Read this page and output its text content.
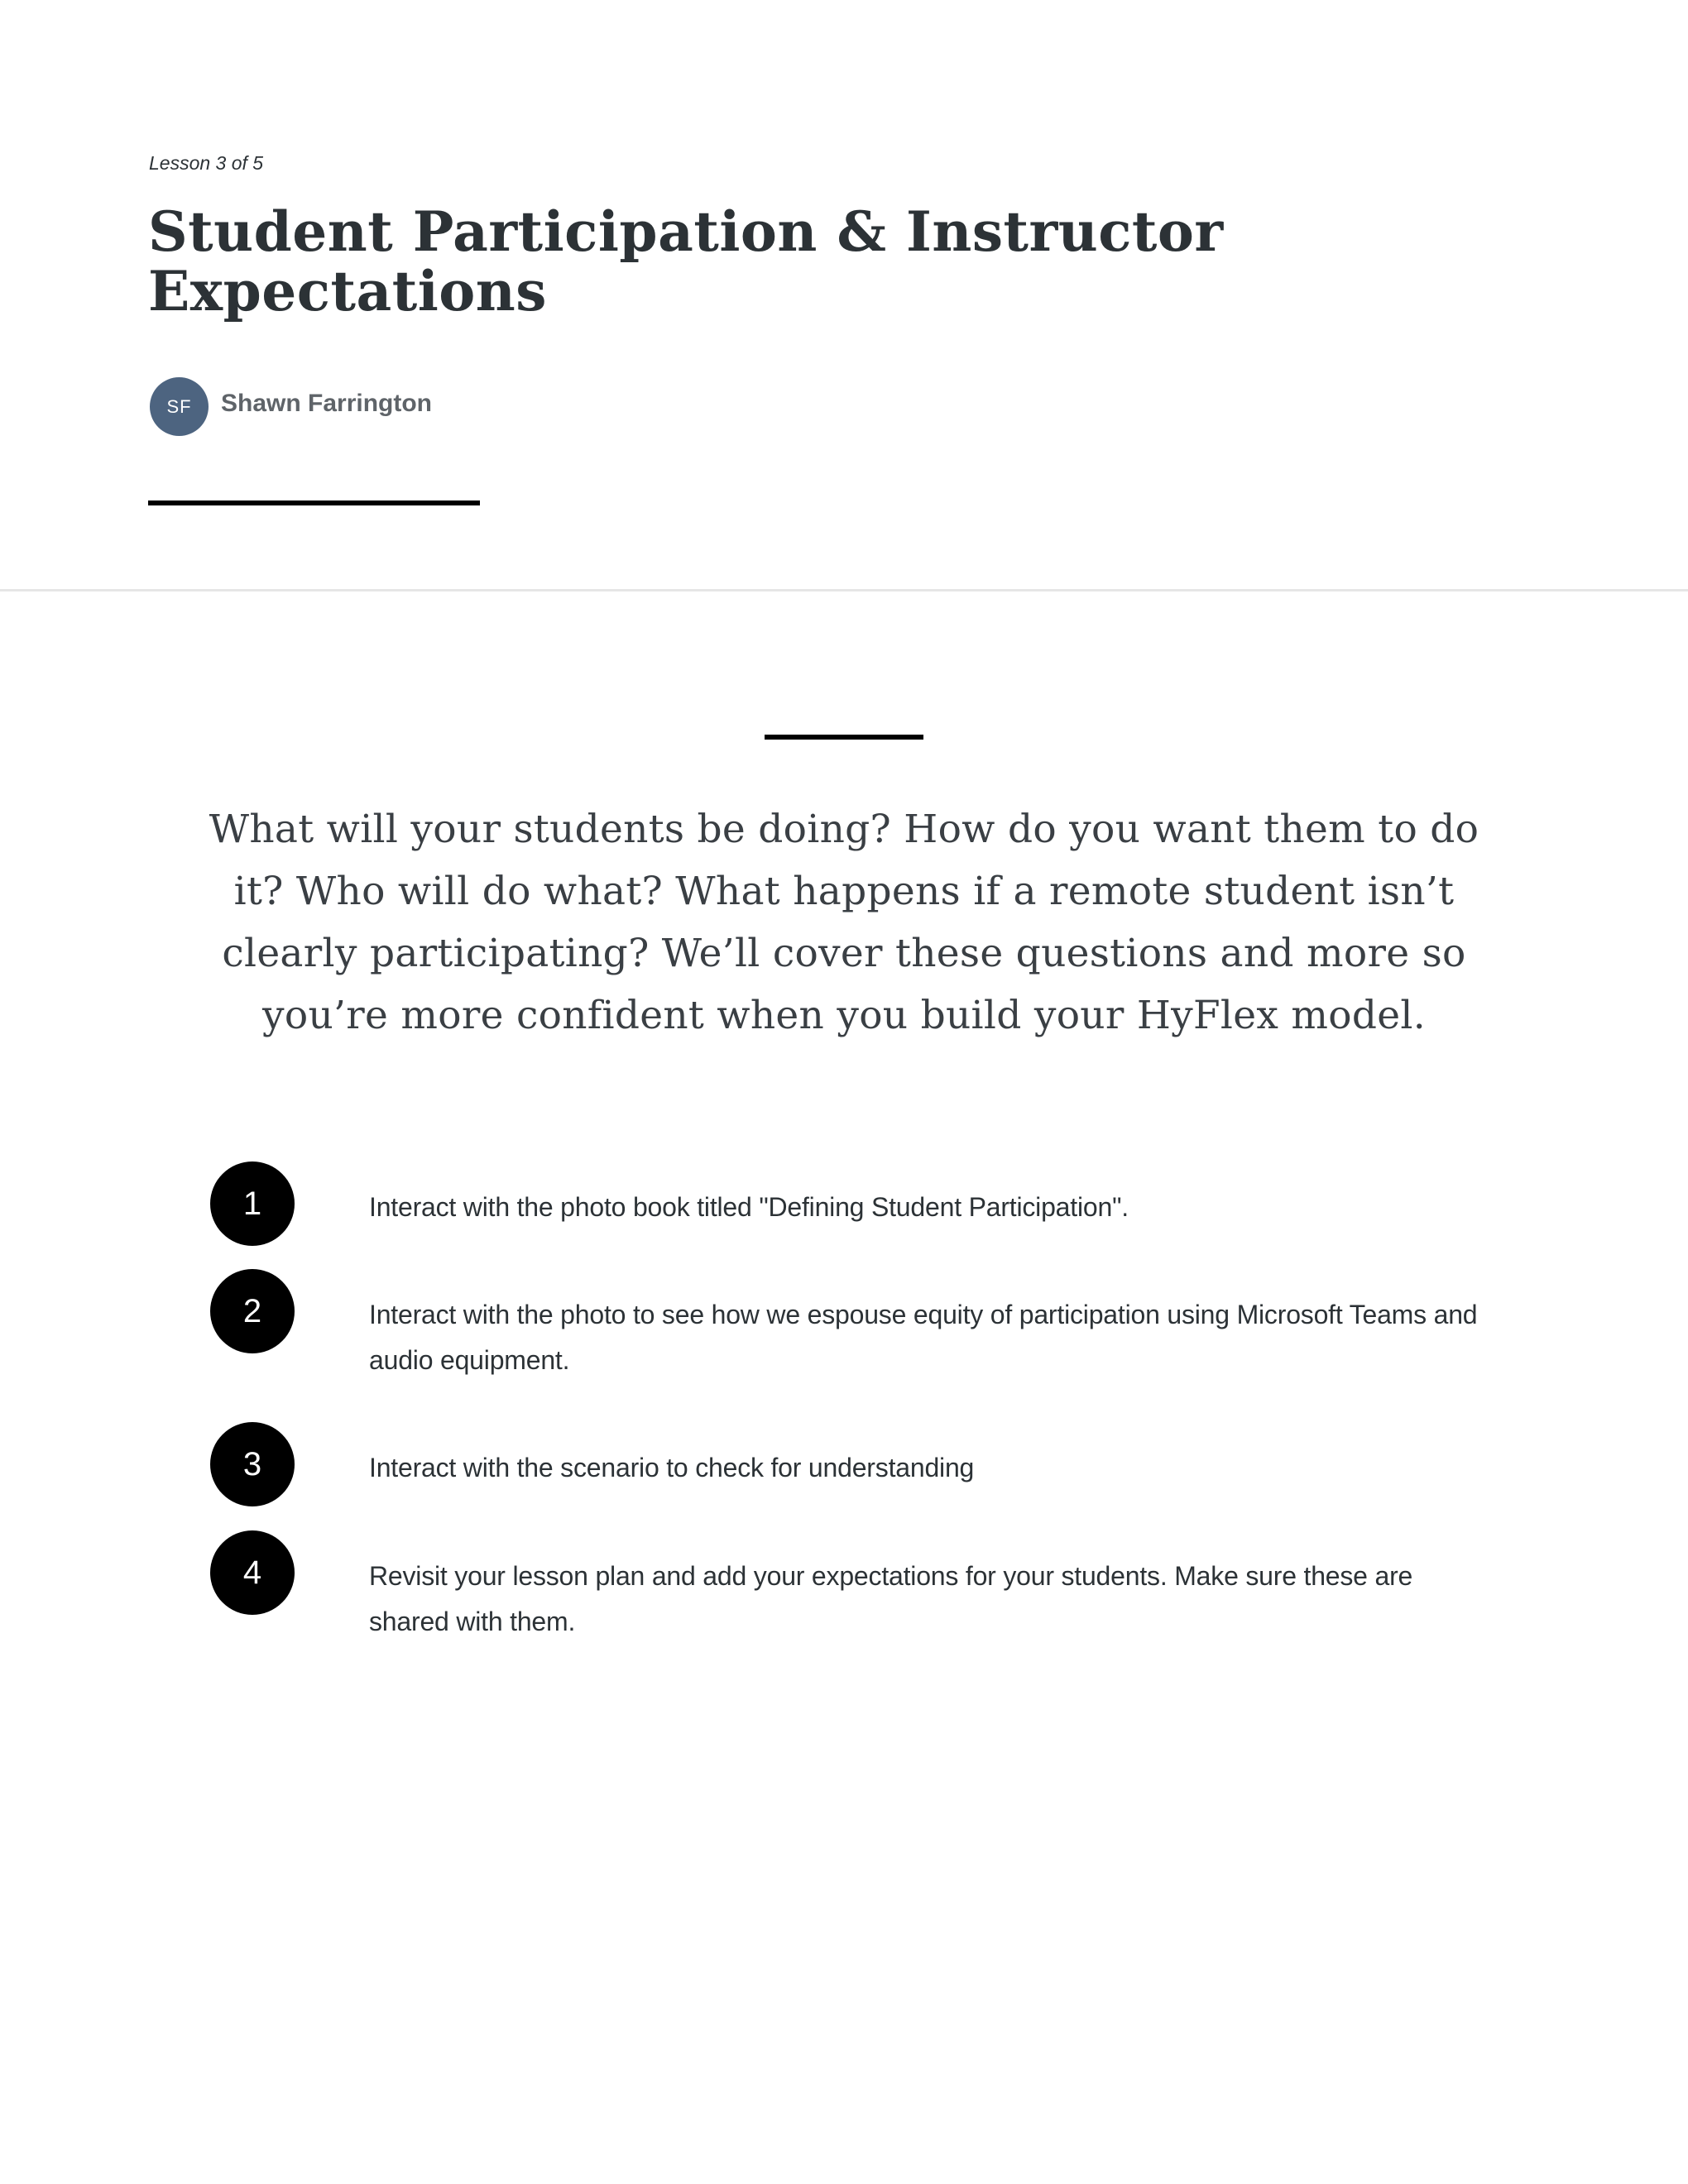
Lesson 3 of 5
Student Participation & Instructor Expectations
SF	Shawn Farrington

What will your students be doing? How do you want them to do it? Who will do what? What happens if a remote student isn’t clearly participating? We’ll cover these questions and more so you’re more confident when you build your HyFlex model.

1	Interact with the photo book titled "Defining Student Participation".

2	Interact with the photo to see how we espouse equity of participation using Microsoft Teams and audio equipment.

3	Interact with the scenario to check for understanding

4	Revisit your lesson plan and add your expectations for your students. Make sure these are shared with them.
